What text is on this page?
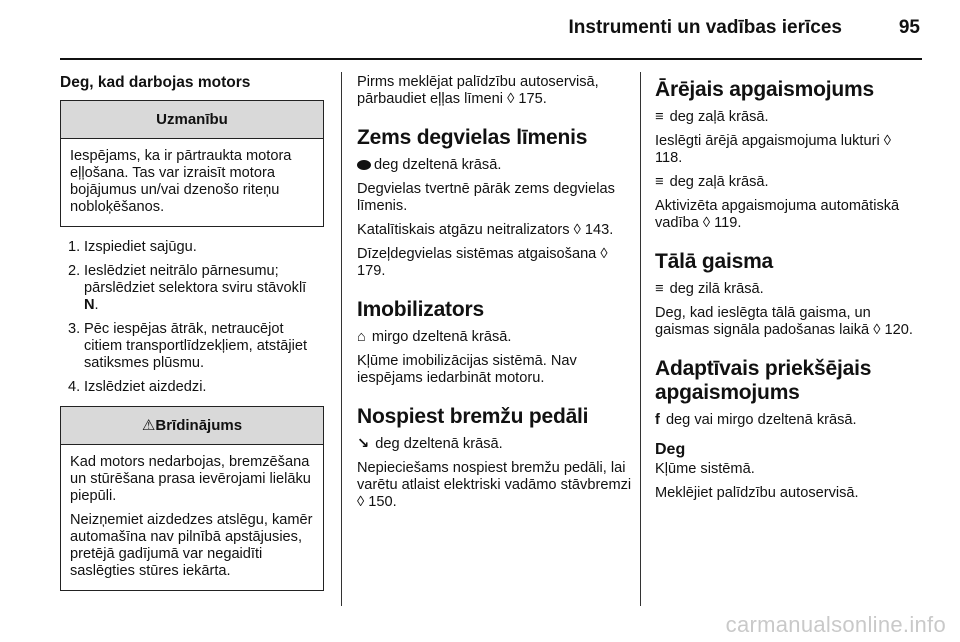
Instrumenti un vadības ierīces	95
Deg, kad darbojas motors
Uzmanību

Iespējams, ka ir pārtraukta motora eļļošana. Tas var izraisīt motora bojājumus un/vai dzenošo riteņu nobloķēšanos.

1. Izspiediet sajūgu.
2. Ieslēdziet neitrālo pārnesumu; pārslēdziet selektora sviru stāvoklī N.
3. Pēc iespējas ātrāk, netraucējot citiem transportlīdzekļiem, atstājiet satiksmes plūsmu.
4. Izslēdziet aizdedzi.
⚠Brīdinājums

Kad motors nedarbojas, bremzēšana un stūrēšana prasa ievērojami lielāku piepūli.

Neizņemiet aizdedzes atslēgu, kamēr automašīna nav pilnībā apstājusies, pretējā gadījumā var negaidīti saslēgties stūres iekārta.

Pirms meklējat palīdzību autoservisā, pārbaudiet eļļas līmeni ◊ 175.

Zems degvielas līmenis

deg dzeltenā krāsā.

Degvielas tvertnē pārāk zems degvielas līmenis.

Katalītiskais atgāzu neitralizators ◊ 143.

Dīzeļdegvielas sistēmas atgaisošana ◊ 179.

Imobilizators

⌂ mirgo dzeltenā krāsā.

Kļūme imobilizācijas sistēmā. Nav iespējams iedarbināt motoru.

Nospiest bremžu pedāli

↘ deg dzeltenā krāsā.

Nepieciešams nospiest bremžu pedāli, lai varētu atlaist elektriski vadāmo stāvbremzi ◊ 150.

Ārējais apgaismojums

≡ deg zaļā krāsā.

Ieslēgti ārējā apgaismojuma lukturi ◊ 118.

≡ deg zaļā krāsā.

Aktivizēta apgaismojuma automātiskā vadība ◊ 119.

Tālā gaisma

≡ deg zilā krāsā.

Deg, kad ieslēgta tālā gaisma, un gaismas signāla padošanas laikā ◊ 120.

Adaptīvais priekšējais apgaismojums

f deg vai mirgo dzeltenā krāsā.

Deg

Kļūme sistēmā.

Meklējiet palīdzību autoservisā.

carmanualsonline.info
